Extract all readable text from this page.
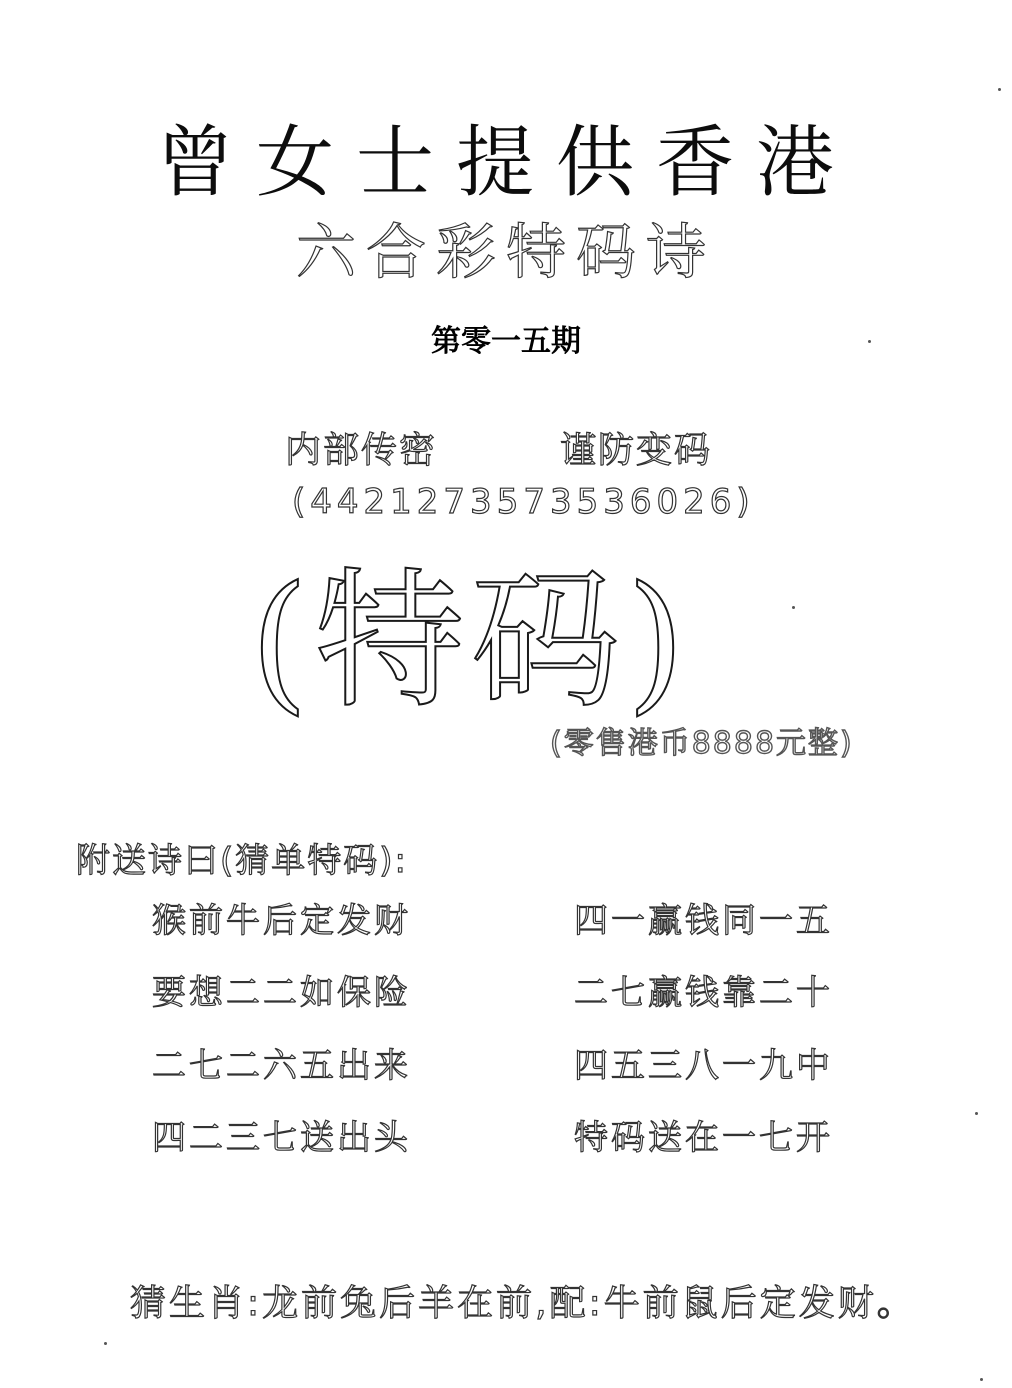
曾女士提供香港
六合彩特码诗
第零一五期
内部传密	谨防变码
(4421273573536026)
(特码)
(零售港币8888元整)
附送诗曰(猜单特码):
猴前牛后定发财	四一赢钱同一五
要想二二如保险	二七赢钱靠二十
二七二六五出来	四五三八一九中
四二三七送出头	特码送在一七开
猜生肖:龙前兔后羊在前,配:牛前鼠后定发财。
